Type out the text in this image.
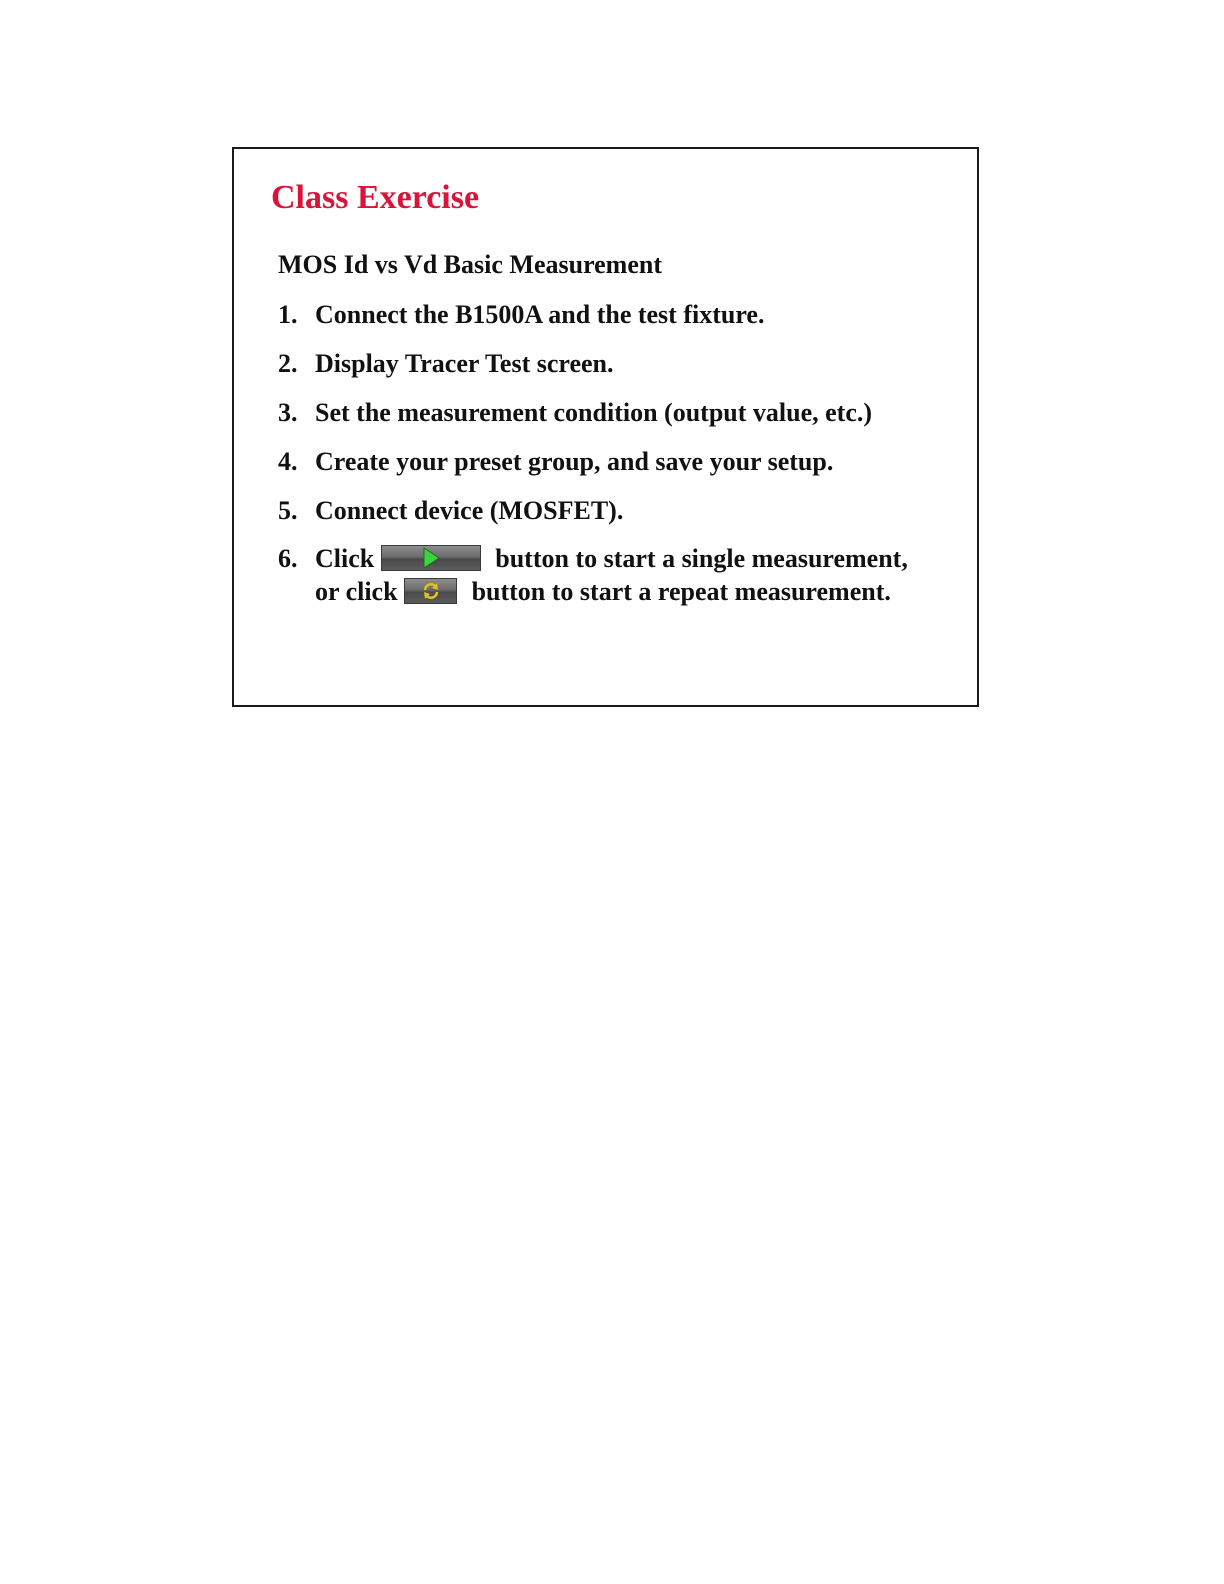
Class Exercise
MOS Id vs Vd Basic Measurement
1. Connect the B1500A and the test fixture.
2. Display Tracer Test screen.
3. Set the measurement condition (output value, etc.)
4. Create your preset group, and save your setup.
5. Connect device (MOSFET).
6. Click	button to start a single measurement,
or click	button to start a repeat measurement.
